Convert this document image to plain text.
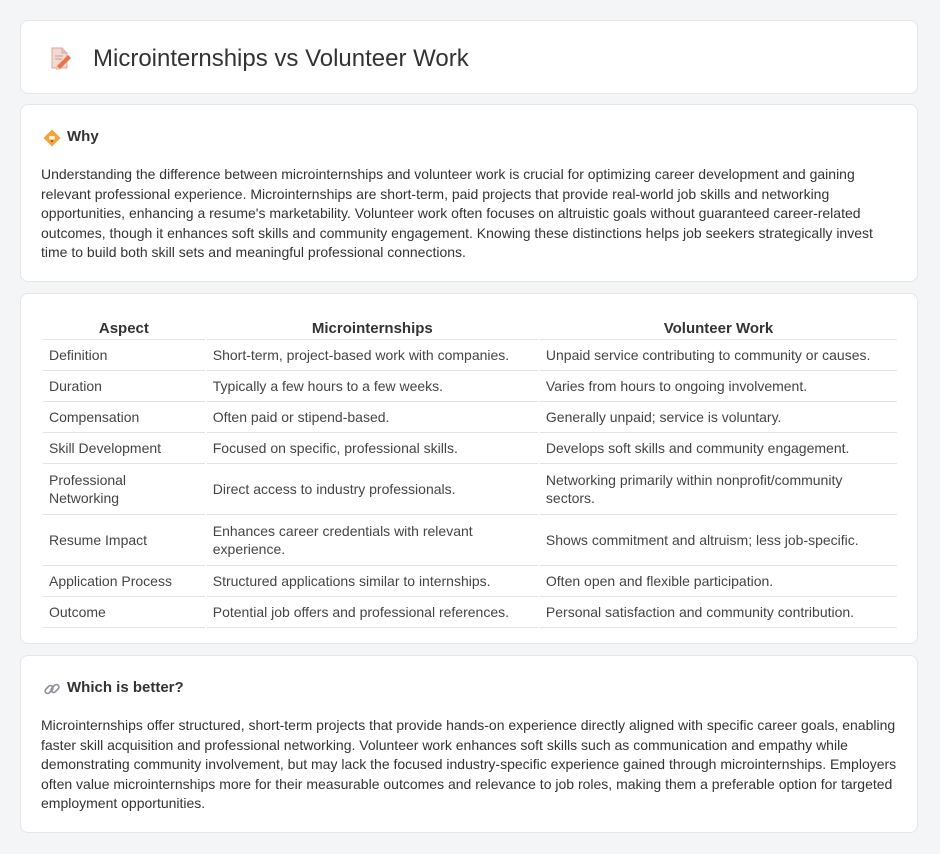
Microinternships vs Volunteer Work
Why

Understanding the difference between microinternships and volunteer work is crucial for optimizing career development and gaining relevant professional experience. Microinternships are short-term, paid projects that provide real-world job skills and networking opportunities, enhancing a resume's marketability. Volunteer work often focuses on altruistic goals without guaranteed career-related outcomes, though it enhances soft skills and community engagement. Knowing these distinctions helps job seekers strategically invest time to build both skill sets and meaningful professional connections.

Aspect	Microinternships	Volunteer Work
Definition	Short-term, project-based work with companies.	Unpaid service contributing to community or causes.
Duration	Typically a few hours to a few weeks.	Varies from hours to ongoing involvement.
Compensation	Often paid or stipend-based.	Generally unpaid; service is voluntary.
Skill Development	Focused on specific, professional skills.	Develops soft skills and community engagement.
Professional Networking	Direct access to industry professionals.	Networking primarily within nonprofit/community sectors.
Resume Impact	Enhances career credentials with relevant experience.	Shows commitment and altruism; less job-specific.
Application Process	Structured applications similar to internships.	Often open and flexible participation.
Outcome	Potential job offers and professional references.	Personal satisfaction and community contribution.
Which is better?

Microinternships offer structured, short-term projects that provide hands-on experience directly aligned with specific career goals, enabling faster skill acquisition and professional networking. Volunteer work enhances soft skills such as communication and empathy while demonstrating community involvement, but may lack the focused industry-specific experience gained through microinternships. Employers often value microinternships more for their measurable outcomes and relevance to job roles, making them a preferable option for targeted employment opportunities.
